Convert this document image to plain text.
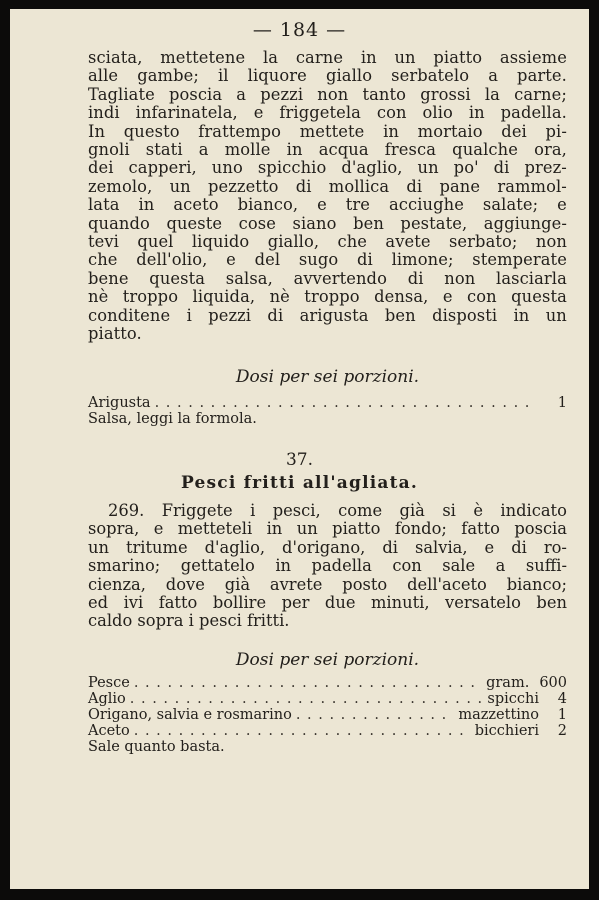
— 184 —
sciata, mettetene la carne in un piatto assieme
alle gambe; il liquore giallo serbatelo a parte.
Tagliate poscia a pezzi non tanto grossi la carne;
indi infarinatela, e friggetela con olio in padella.
In questo frattempo mettete in mortaio dei pi-
gnoli stati a molle in acqua fresca qualche ora,
dei capperi, uno spicchio d'aglio, un po' di prez-
zemolo, un pezzetto di mollica di pane rammol-
lata in aceto bianco, e tre acciughe salate; e
quando queste cose siano ben pestate, aggiunge-
tevi quel liquido giallo, che avete serbato; non
che dell'olio, e del sugo di limone; stemperate
bene questa salsa, avvertendo di non lasciarla
nè troppo liquida, nè troppo densa, e con questa
conditene i pezzi di arigusta ben disposti in un
piatto.
Dosi per sei porzioni.
Arigusta . . .	1
Salsa, leggi la formola.
37.
Pesci fritti all'agliata.
269. Friggete i pesci, come già si è indicato
sopra, e metteteli in un piatto fondo; fatto poscia
un tritume d'aglio, d'origano, di salvia, e di ro-
smarino; gettatelo in padella con sale a suffi-
cienza, dove già avrete posto dell'aceto bianco;
ed ivi fatto bollire per due minuti, versatelo ben
caldo sopra i pesci fritti.
Dosi per sei porzioni.
Pesce . . .	gram. 600
Aglio . . .	spicchi	4
Origano, salvia e rosmarino . . .	mazzettino	1
Aceto . . .	bicchieri	2
Sale quanto basta.
